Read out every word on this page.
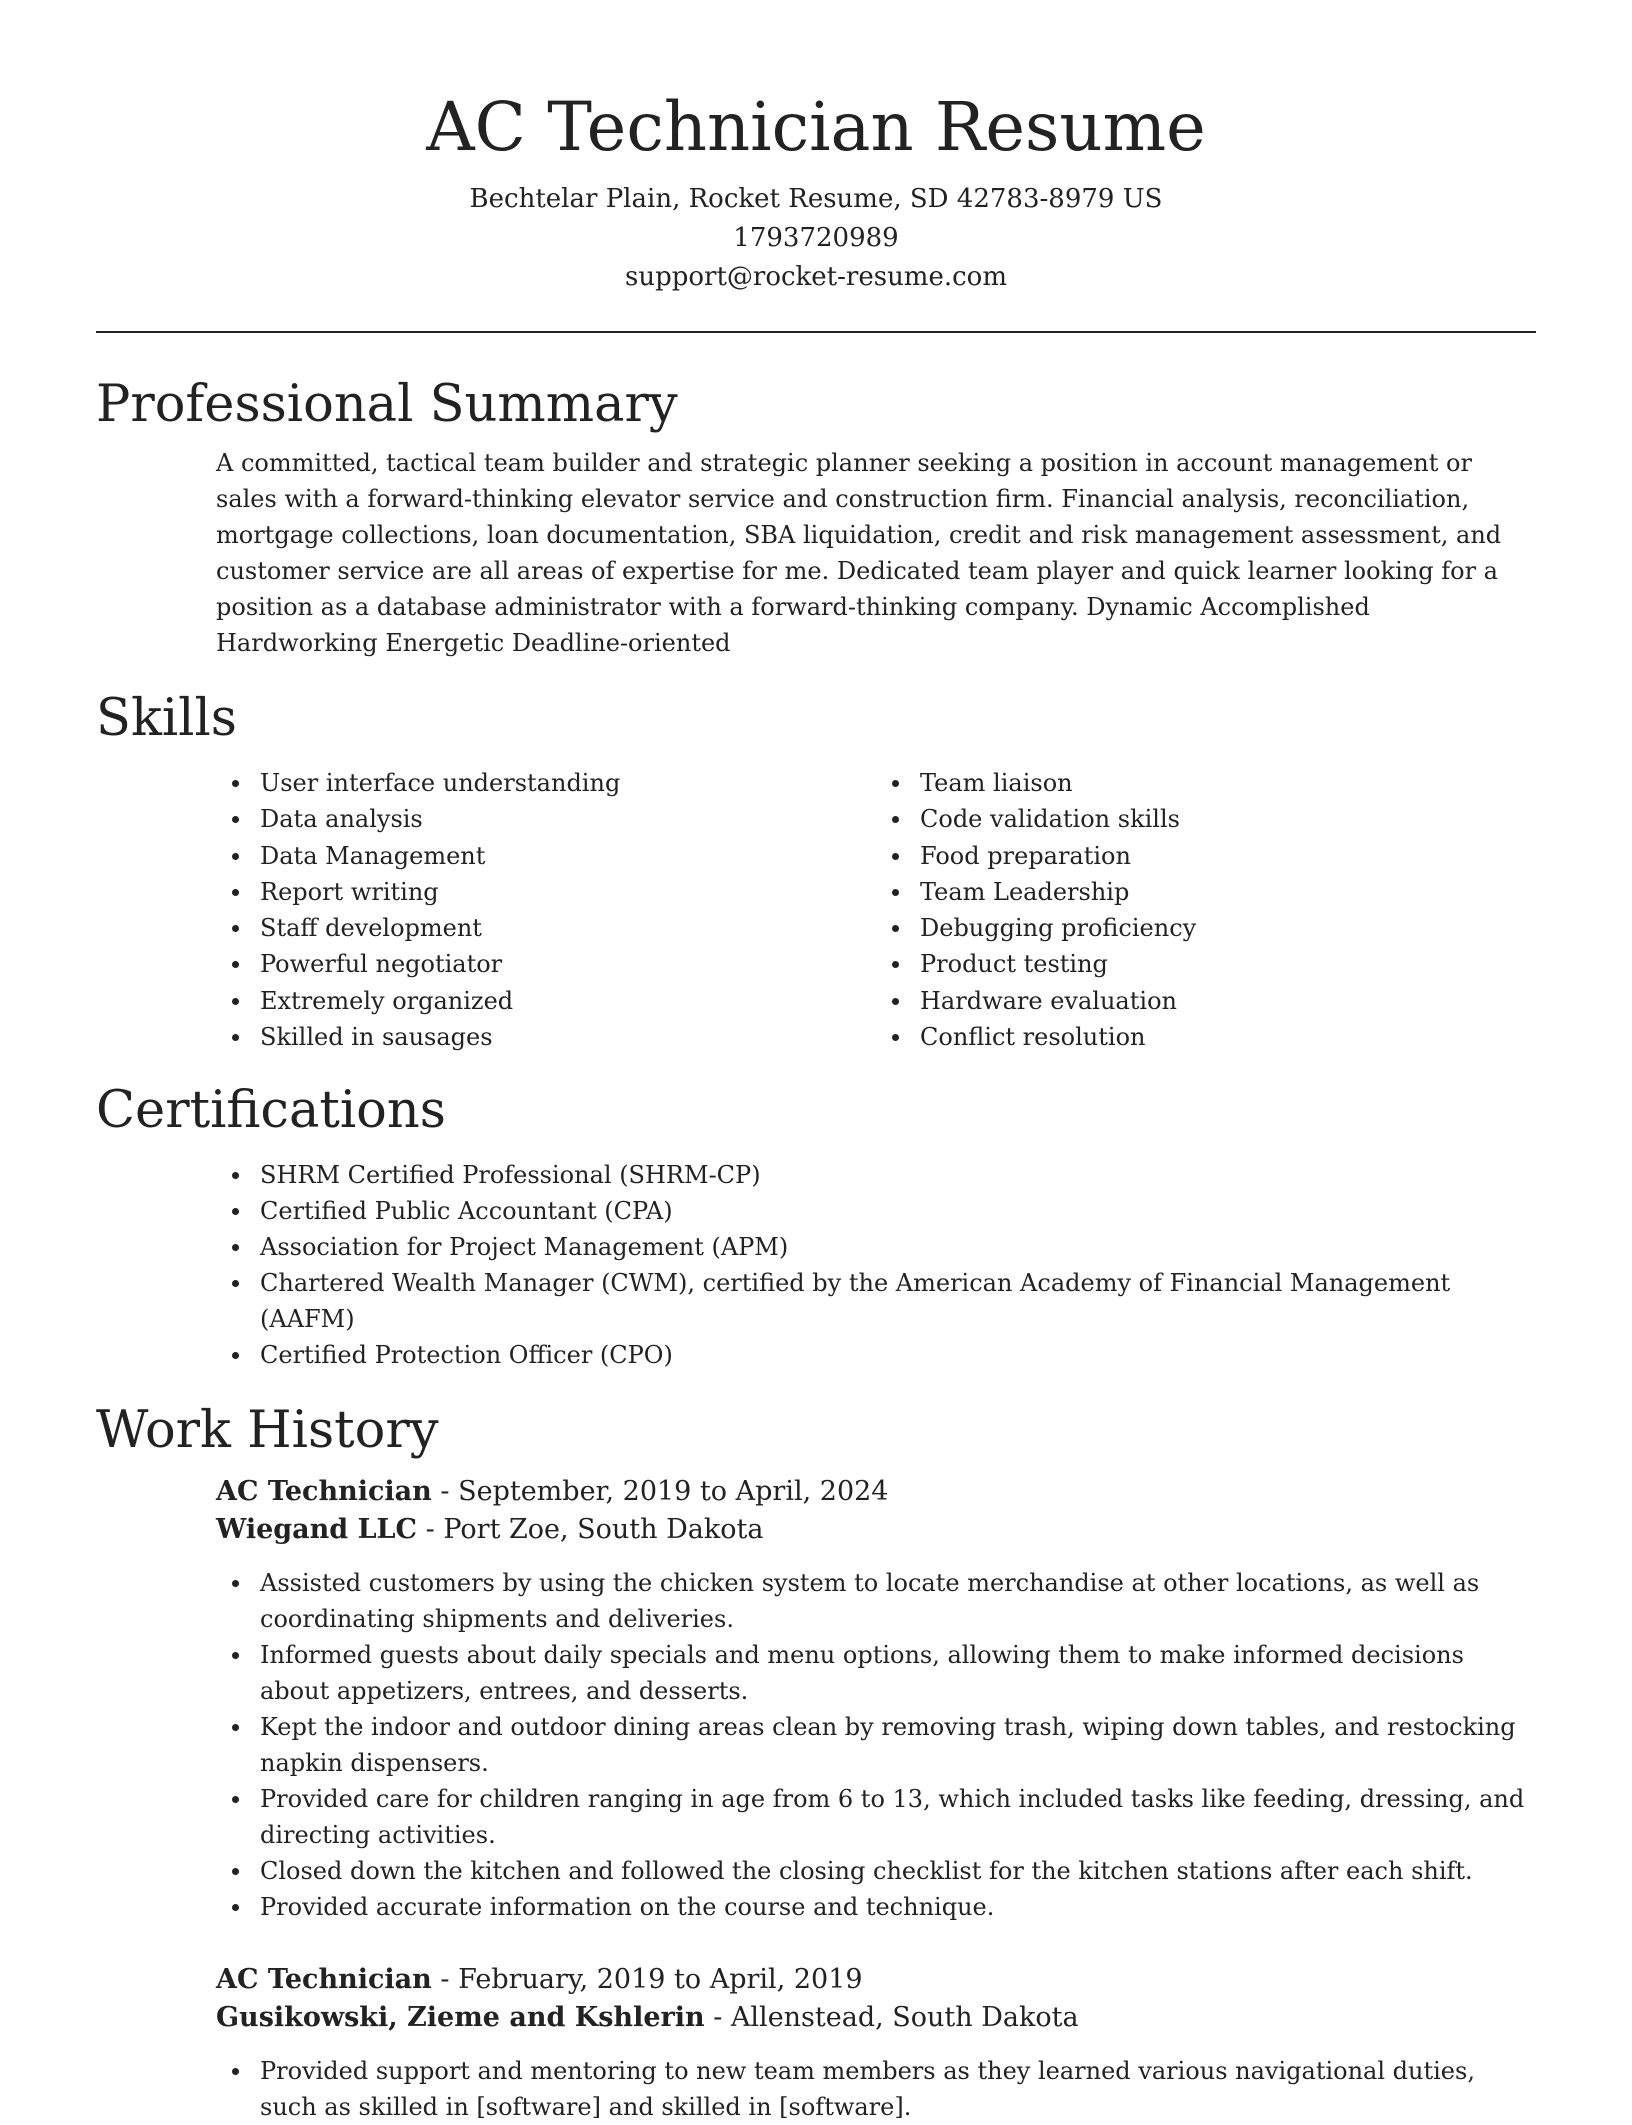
AC Technician Resume

Bechtelar Plain, Rocket Resume, SD 42783-8979 US

1793720989

support@rocket-resume.com

Professional Summary

A committed, tactical team builder and strategic planner seeking a position in account management or sales with a forward-thinking elevator service and construction firm. Financial analysis, reconciliation, mortgage collections, loan documentation, SBA liquidation, credit and risk management assessment, and customer service are all areas of expertise for me. Dedicated team player and quick learner looking for a position as a database administrator with a forward-thinking company. Dynamic Accomplished Hardworking Energetic Deadline-oriented

Skills
User interface understanding
Data analysis
Data Management
Report writing
Staff development
Powerful negotiator
Extremely organized
Skilled in sausages
Team liaison
Code validation skills
Food preparation
Team Leadership
Debugging proficiency
Product testing
Hardware evaluation
Conflict resolution
Certifications
SHRM Certified Professional (SHRM-CP)
Certified Public Accountant (CPA)
Association for Project Management (APM)
Chartered Wealth Manager (CWM), certified by the American Academy of Financial Management (AAFM)
Certified Protection Officer (CPO)
Work History

AC Technician - September, 2019 to April, 2024

Wiegand LLC - Port Zoe, South Dakota

Assisted customers by using the chicken system to locate merchandise at other locations, as well as coordinating shipments and deliveries.
Informed guests about daily specials and menu options, allowing them to make informed decisions about appetizers, entrees, and desserts.
Kept the indoor and outdoor dining areas clean by removing trash, wiping down tables, and restocking napkin dispensers.
Provided care for children ranging in age from 6 to 13, which included tasks like feeding, dressing, and directing activities.
Closed down the kitchen and followed the closing checklist for the kitchen stations after each shift.
Provided accurate information on the course and technique.

AC Technician - February, 2019 to April, 2019

Gusikowski, Zieme and Kshlerin - Allenstead, South Dakota

Provided support and mentoring to new team members as they learned various navigational duties, such as skilled in [software] and skilled in [software].
